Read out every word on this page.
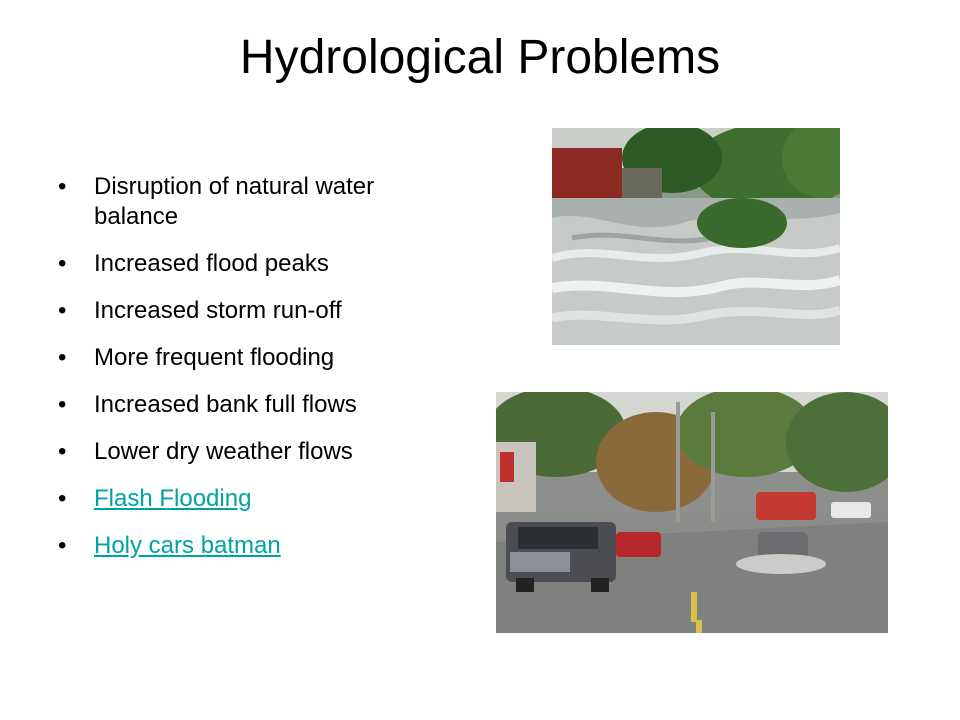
Hydrological Problems
•	Disruption of natural water balance
•	Increased flood peaks
•	Increased storm run-off
•	More frequent flooding
•	Increased bank full flows
•	Lower dry weather flows
•	Flash Flooding
•	Holy cars batman
